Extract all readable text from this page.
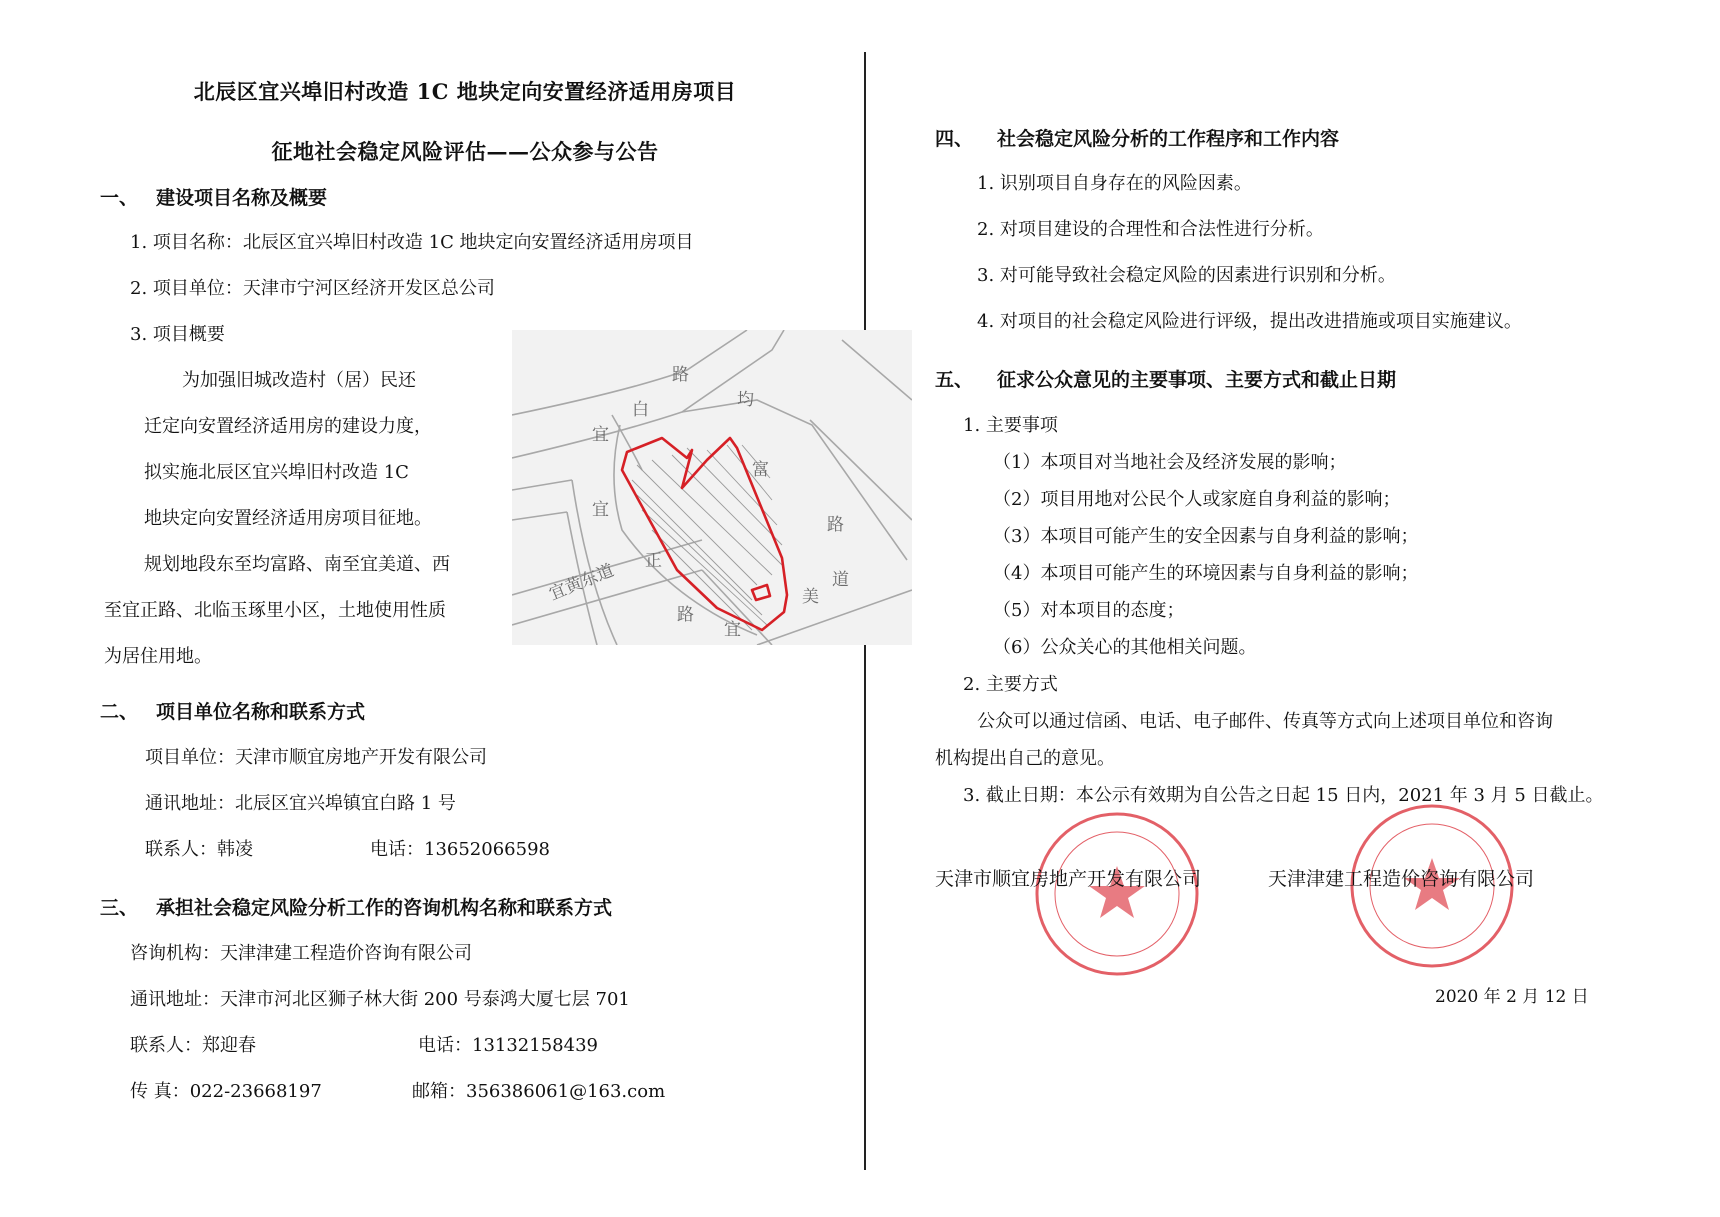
北辰区宜兴埠旧村改造 1C 地块定向安置经济适用房项目
征地社会稳定风险评估——公众参与公告
一、 建设项目名称及概要
1. 项目名称：北辰区宜兴埠旧村改造 1C 地块定向安置经济适用房项目
2. 项目单位：天津市宁河区经济开发区总公司
3. 项目概要
为加强旧城改造村（居）民还
迁定向安置经济适用房的建设力度，
拟实施北辰区宜兴埠旧村改造 1C
地块定向安置经济适用房项目征地。
规划地段东至均富路、南至宜美道、西
至宜正路、北临玉琢里小区，土地使用性质
为居住用地。
路
白
宜
均
宜
富
路
宜黄东道 正
道
美
路
宜
二、 项目单位名称和联系方式
项目单位：天津市顺宜房地产开发有限公司
通讯地址：北辰区宜兴埠镇宜白路 1 号
联系人：韩凌	电话：13652066598
三、 承担社会稳定风险分析工作的咨询机构名称和联系方式
咨询机构：天津津建工程造价咨询有限公司
通讯地址：天津市河北区狮子林大街 200 号泰鸿大厦七层 701
联系人：郑迎春	电话：13132158439
传 真：022-23668197	邮箱：356386061@163.com
四、 社会稳定风险分析的工作程序和工作内容
1. 识别项目自身存在的风险因素。
2. 对项目建设的合理性和合法性进行分析。
3. 对可能导致社会稳定风险的因素进行识别和分析。
4. 对项目的社会稳定风险进行评级，提出改进措施或项目实施建议。
五、 征求公众意见的主要事项、主要方式和截止日期
1. 主要事项
（1）本项目对当地社会及经济发展的影响；
（2）项目用地对公民个人或家庭自身利益的影响；
（3）本项目可能产生的安全因素与自身利益的影响；
（4）本项目可能产生的环境因素与自身利益的影响；
（5）对本项目的态度；
（6）公众关心的其他相关问题。
2. 主要方式
公众可以通过信函、电话、电子邮件、传真等方式向上述项目单位和咨询
机构提出自己的意见。
3. 截止日期：本公示有效期为自公告之日起 15 日内，2021 年 3 月 5 日截止。
天津市顺宜房地产开发有限公司	天津津建工程造价咨询有限公司
2020 年 2 月 12 日
